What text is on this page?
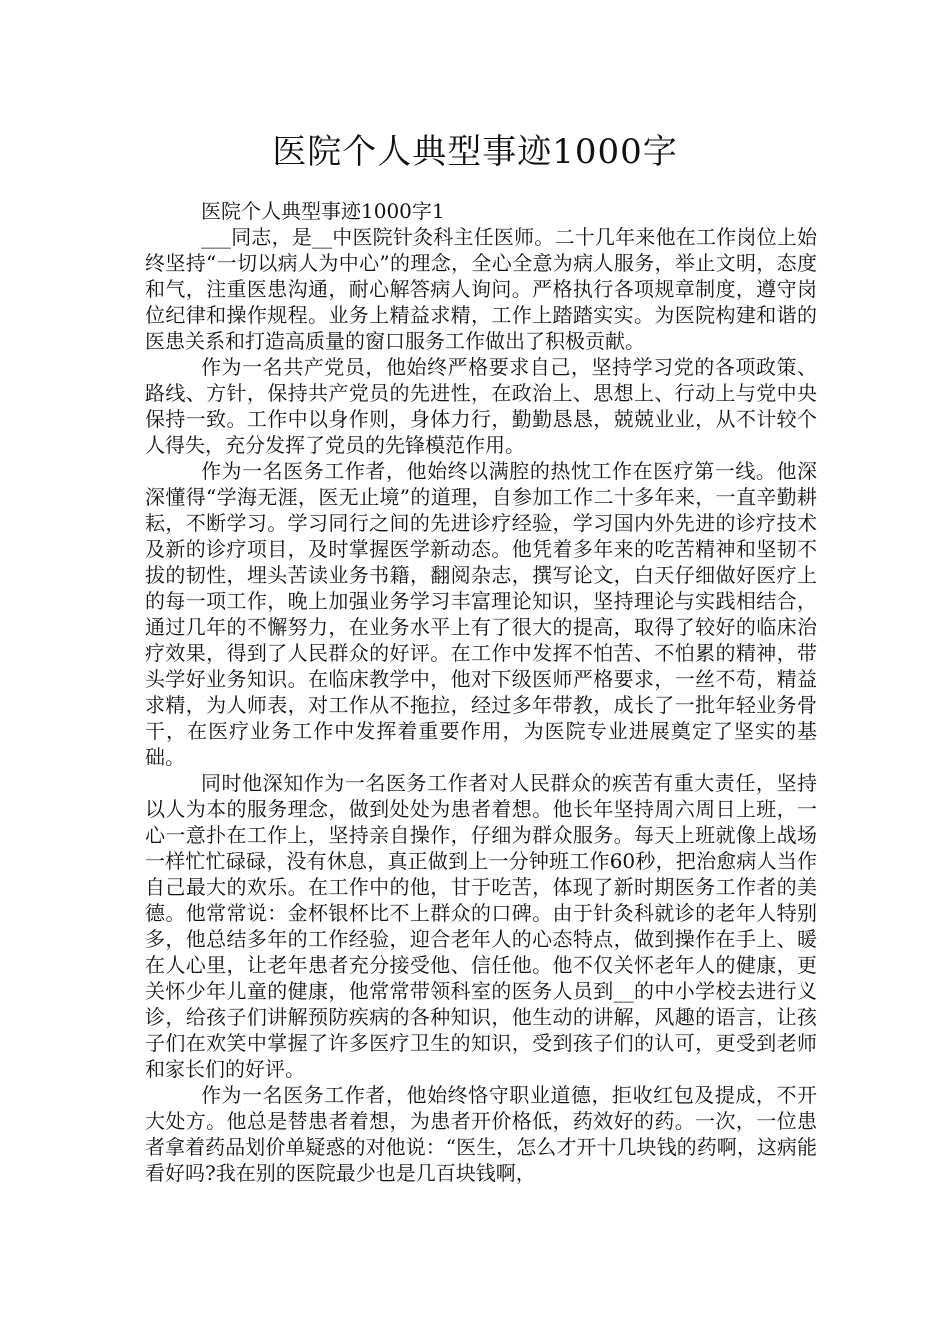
医院个人典型事迹1000字

医院个人典型事迹1000字1

___同志，是__中医院针灸科主任医师。二十几年来他在工作岗位上始终坚持“一切以病人为中心”的理念，全心全意为病人服务，举止文明，态度和气，注重医患沟通，耐心解答病人询问。严格执行各项规章制度，遵守岗位纪律和操作规程。业务上精益求精，工作上踏踏实实。为医院构建和谐的医患关系和打造高质量的窗口服务工作做出了积极贡献。

作为一名共产党员，他始终严格要求自己，坚持学习党的各项政策、路线、方针，保持共产党员的先进性，在政治上、思想上、行动上与党中央保持一致。工作中以身作则，身体力行，勤勤恳恳，兢兢业业，从不计较个人得失，充分发挥了党员的先锋模范作用。

作为一名医务工作者，他始终以满腔的热忱工作在医疗第一线。他深深懂得“学海无涯，医无止境”的道理，自参加工作二十多年来，一直辛勤耕耘，不断学习。学习同行之间的先进诊疗经验，学习国内外先进的诊疗技术及新的诊疗项目，及时掌握医学新动态。他凭着多年来的吃苦精神和坚韧不拔的韧性，埋头苦读业务书籍，翻阅杂志，撰写论文，白天仔细做好医疗上的每一项工作，晚上加强业务学习丰富理论知识，坚持理论与实践相结合，通过几年的不懈努力，在业务水平上有了很大的提高，取得了较好的临床治疗效果，得到了人民群众的好评。在工作中发挥不怕苦、不怕累的精神，带头学好业务知识。在临床教学中，他对下级医师严格要求，一丝不苟，精益求精，为人师表，对工作从不拖拉，经过多年带教，成长了一批年轻业务骨干，在医疗业务工作中发挥着重要作用，为医院专业进展奠定了坚实的基础。

同时他深知作为一名医务工作者对人民群众的疾苦有重大责任，坚持以人为本的服务理念，做到处处为患者着想。他长年坚持周六周日上班，一心一意扑在工作上，坚持亲自操作，仔细为群众服务。每天上班就像上战场一样忙忙碌碌，没有休息，真正做到上一分钟班工作60秒，把治愈病人当作自己最大的欢乐。在工作中的他，甘于吃苦，体现了新时期医务工作者的美德。他常常说：金杯银杯比不上群众的口碑。由于针灸科就诊的老年人特别多，他总结多年的工作经验，迎合老年人的心态特点，做到操作在手上、暖在人心里，让老年患者充分接受他、信任他。他不仅关怀老年人的健康，更关怀少年儿童的健康，他常常带领科室的医务人员到__的中小学校去进行义诊，给孩子们讲解预防疾病的各种知识，他生动的讲解，风趣的语言，让孩子们在欢笑中掌握了许多医疗卫生的知识，受到孩子们的认可，更受到老师和家长们的好评。

作为一名医务工作者，他始终恪守职业道德，拒收红包及提成，不开大处方。他总是替患者着想，为患者开价格低，药效好的药。一次，一位患者拿着药品划价单疑惑的对他说：“医生，怎么才开十几块钱的药啊，这病能看好吗?我在别的医院最少也是几百块钱啊，
